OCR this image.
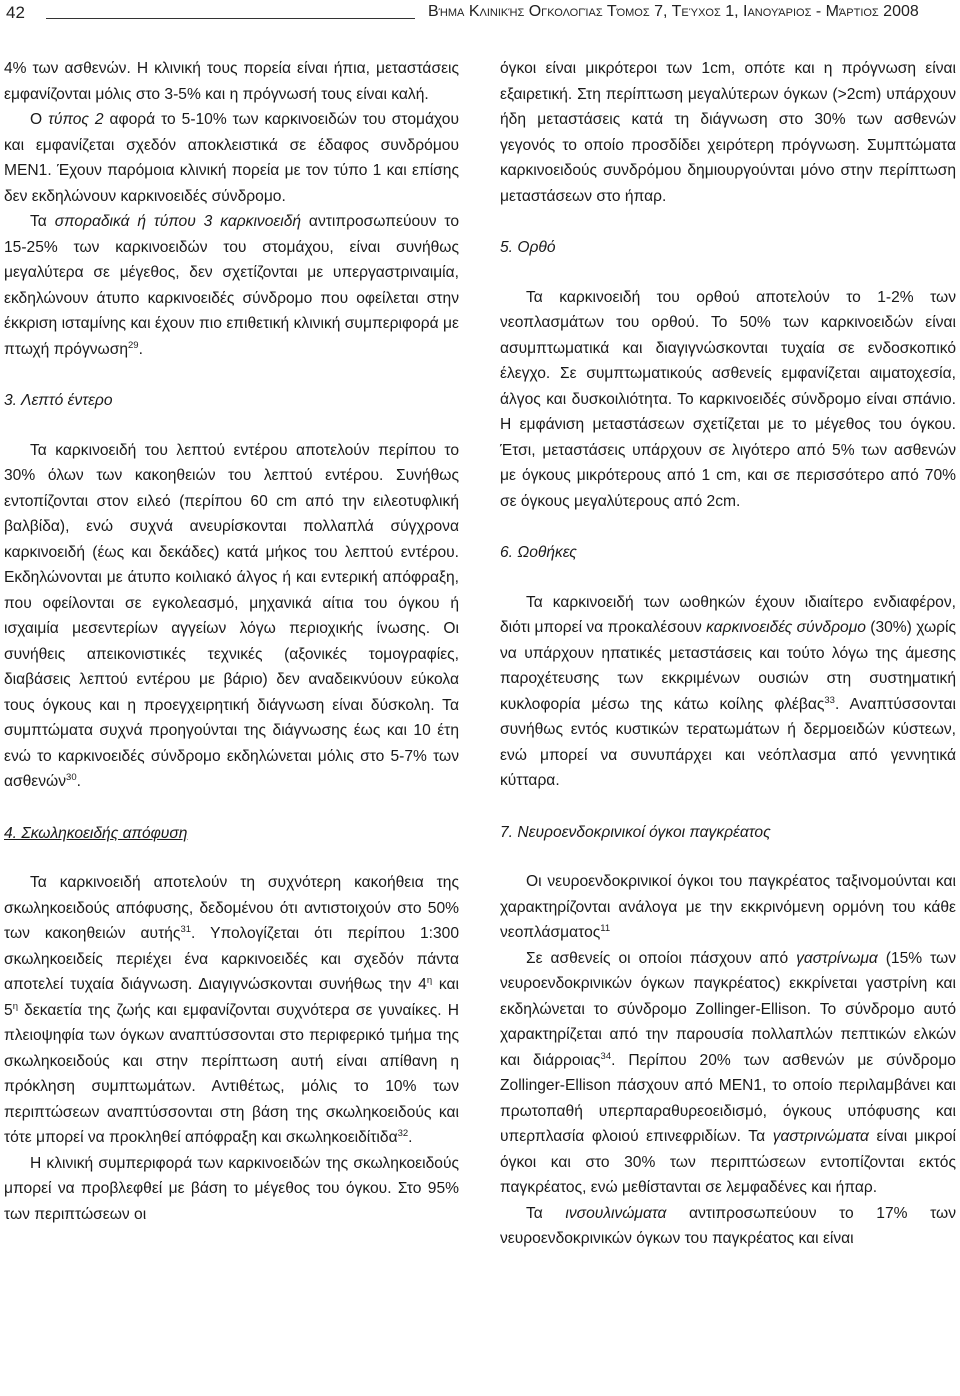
42	Βήμα Κλινικής Ογκολογίας Τόμος 7, Τεύχος 1, Ιανουάριος - Μάρτιος 2008

4% των ασθενών. Η κλινική τους πορεία είναι ήπια, μεταστάσεις εμφανίζονται μόλις στο 3-5% και η πρόγνωσή τους είναι καλή.

Ο τύπος 2 αφορά το 5-10% των καρκινοειδών του στομάχου και εμφανίζεται σχεδόν αποκλειστικά σε έδαφος συνδρόμου MEN1. Έχουν παρόμοια κλινική πορεία με τον τύπο 1 και επίσης δεν εκδηλώνουν καρκινοειδές σύνδρομο.

Τα σποραδικά ή τύπου 3 καρκινοειδή αντιπροσωπεύουν το 15-25% των καρκινοειδών του στομάχου, είναι συνήθως μεγαλύτερα σε μέγεθος, δεν σχετίζονται με υπεργαστριναιμία, εκδηλώνουν άτυπο καρκινοειδές σύνδρομο που οφείλεται στην έκκριση ισταμίνης και έχουν πιο επιθετική κλινική συμπεριφορά με πτωχή πρόγνωση$^{29}$.

3. Λεπτό έντερο

Τα καρκινοειδή του λεπτού εντέρου αποτελούν περίπου το 30% όλων των κακοηθειών του λεπτού εντέρου. Συνήθως εντοπίζονται στον ειλεό (περίπου 60 cm από την ειλεοτυφλική βαλβίδα), ενώ συχνά ανευρίσκονται πολλαπλά σύγχρονα καρκινοειδή (έως και δεκάδες) κατά μήκος του λεπτού εντέρου. Εκδηλώνονται με άτυπο κοιλιακό άλγος ή και εντερική απόφραξη, που οφείλονται σε εγκολεασμό, μηχανικά αίτια του όγκου ή ισχαιμία μεσεντερίων αγγείων λόγω περιοχικής ίνωσης. Οι συνήθεις απεικονιστικές τεχνικές (αξονικές τομογραφίες, διαβάσεις λεπτού εντέρου με βάριο) δεν αναδεικνύουν εύκολα τους όγκους και η προεγχειρητική διάγνωση είναι δύσκολη. Τα συμπτώματα συχνά προηγούνται της διάγνωσης έως και 10 έτη ενώ το καρκινοειδές σύνδρομο εκδηλώνεται μόλις στο 5-7% των ασθενών$^{30}$.

4. Σκωληκοειδής απόφυση

Τα καρκινοειδή αποτελούν τη συχνότερη κακοήθεια της σκωληκοειδούς απόφυσης, δεδομένου ότι αντιστοιχούν στο 50% των κακοηθειών αυτής$^{31}$. Υπολογίζεται ότι περίπου 1:300 σκωληκοειδείς περιέχει ένα καρκινοειδές και σχεδόν πάντα αποτελεί τυχαία διάγνωση. Διαγιγνώσκονται συνήθως την $4^\eta$ και $5^\eta$ δεκαετία της ζωής και εμφανίζονται συχνότερα σε γυναίκες. Η πλειοψηφία των όγκων αναπτύσσονται στο περιφερικό τμήμα της σκωληκοειδούς και στην περίπτωση αυτή είναι απίθανη η πρόκληση συμπτωμάτων. Αντιθέτως, μόλις το 10% των περιπτώσεων αναπτύσσονται στη βάση της σκωληκοειδούς και τότε μπορεί να προκληθεί απόφραξη και σκωληκοειδίτιδα$^{32}$.

Η κλινική συμπεριφορά των καρκινοειδών της σκωληκοειδούς μπορεί να προβλεφθεί με βάση το μέγεθος του όγκου. Στο 95% των περιπτώσεων οι

όγκοι είναι μικρότεροι των 1cm, οπότε και η πρόγνωση είναι εξαιρετική. Στη περίπτωση μεγαλύτερων όγκων (>2cm) υπάρχουν ήδη μεταστάσεις κατά τη διάγνωση στο 30% των ασθενών γεγονός το οποίο προσδίδει χειρότερη πρόγνωση. Συμπτώματα καρκινοειδούς συνδρόμου δημιουργούνται μόνο στην περίπτωση μεταστάσεων στο ήπαρ.

5. Ορθό

Τα καρκινοειδή του ορθού αποτελούν το 1-2% των νεοπλασμάτων του ορθού. Το 50% των καρκινοειδών είναι ασυμπτωματικά και διαγιγνώσκονται τυχαία σε ενδοσκοπικό έλεγχο. Σε συμπτωματικούς ασθενείς εμφανίζεται αιματοχεσία, άλγος και δυσκοιλιότητα. Το καρκινοειδές σύνδρομο είναι σπάνιο. Η εμφάνιση μεταστάσεων σχετίζεται με το μέγεθος του όγκου. Έτσι, μεταστάσεις υπάρχουν σε λιγότερο από 5% των ασθενών με όγκους μικρότερους από 1 cm, και σε περισσότερο από 70% σε όγκους μεγαλύτερους από 2cm.

6. Ωοθήκες

Τα καρκινοειδή των ωοθηκών έχουν ιδιαίτερο ενδιαφέρον, διότι μπορεί να προκαλέσουν καρκινοειδές σύνδρομο (30%) χωρίς να υπάρχουν ηπατικές μεταστάσεις και τούτο λόγω της άμεσης παροχέτευσης των εκκριμένων ουσιών στη συστηματική κυκλοφορία μέσω της κάτω κοίλης φλέβας$^{33}$. Αναπτύσσονται συνήθως εντός κυστικών τερατωμάτων ή δερμοειδών κύστεων, ενώ μπορεί να συνυπάρχει και νεόπλασμα από γεννητικά κύτταρα.

7. Νευροενδοκρινικοί όγκοι παγκρέατος

Οι νευροενδοκρινικοί όγκοι του παγκρέατος ταξινομούνται και χαρακτηρίζονται ανάλογα με την εκκρινόμενη ορμόνη του κάθε νεοπλάσματος$^{11}$

Σε ασθενείς οι οποίοι πάσχουν από γαστρίνωμα (15% των νευροενδοκρινικών όγκων παγκρέατος) εκκρίνεται γαστρίνη και εκδηλώνεται το σύνδρομο Zollinger-Ellison. Το σύνδρομο αυτό χαρακτηρίζεται από την παρουσία πολλαπλών πεπτικών ελκών και διάρροιας$^{34}$. Περίπου 20% των ασθενών με σύνδρομο Zollinger-Ellison πάσχουν από MEN1, το οποίο περιλαμβάνει και πρωτοπαθή υπερπαραθυρεοειδισμό, όγκους υπόφυσης και υπερπλασία φλοιού επινεφριδίων. Τα γαστρινώματα είναι μικροί όγκοι και στο 30% των περιπτώσεων εντοπίζονται εκτός παγκρέατος, ενώ μεθίστανται σε λεμφαδένες και ήπαρ.

Τα ινσουλινώματα αντιπροσωπεύουν το 17% των νευροενδοκρινικών όγκων του παγκρέατος και είναι
